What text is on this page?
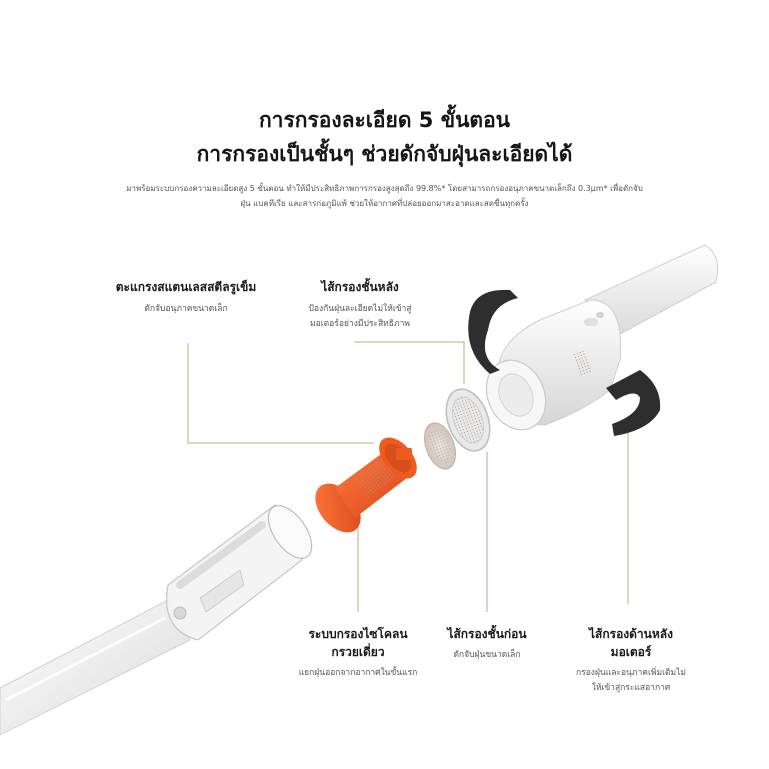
การกรองละเอียด 5 ขั้นตอน
การกรองเป็นชั้นๆ ช่วยดักจับฝุ่นละเอียดได้
มาพร้อมระบบกรองความละเอียดสูง 5 ขั้นตอน ทำให้มีประสิทธิภาพการกรองสูงสุดถึง 99.8%* โดยสามารถกรองอนุภาคขนาดเล็กถึง 0.3μm* เพื่อดักจับ
ฝุ่น แบคทีเรีย และสารก่อภูมิแพ้ ช่วยให้อากาศที่ปล่อยออกมาสะอาดและสดชื่นทุกครั้ง
ตะแกรงสแตนเลสสตีลรูเข็ม
ดักจับอนุภาคขนาดเล็ก
ไส้กรองชั้นหลัง
ป้องกันฝุ่นละเอียดไม่ให้เข้าสู่
มอเตอร์อย่างมีประสิทธิภาพ
ระบบกรองไซโคลน
กรวยเดี่ยว
แยกฝุ่นออกจากอากาศในขั้นแรก
ไส้กรองชั้นก่อน
ดักจับฝุ่นขนาดเล็ก
ไส้กรองด้านหลัง
มอเตอร์
กรองฝุ่นและอนุภาคเพิ่มเติมไม่
ให้เข้าสู่กระแสอากาศ
